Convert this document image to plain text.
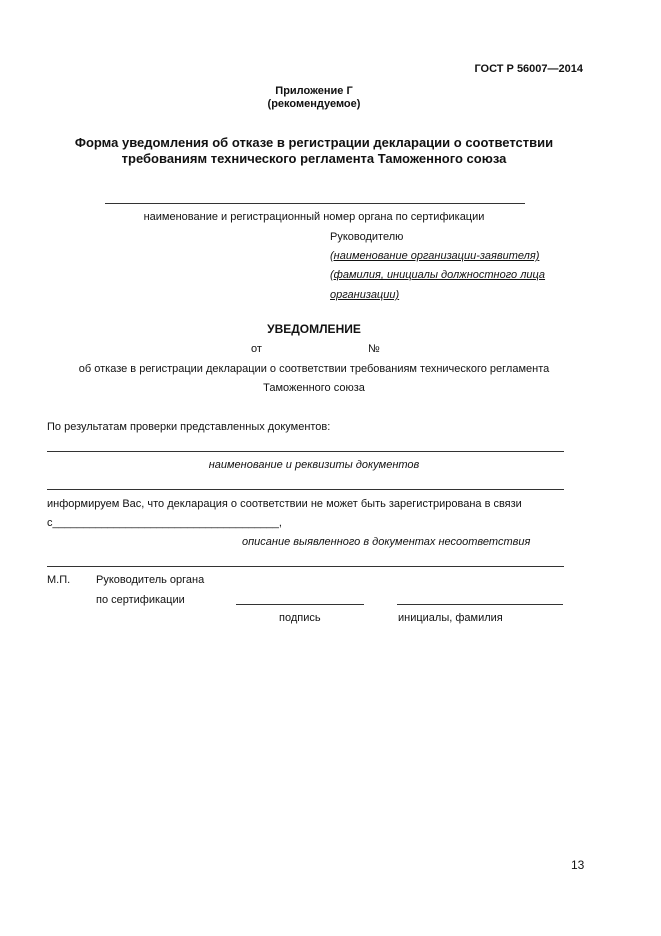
ГОСТ Р 56007—2014
Приложение Г
(рекомендуемое)
Форма уведомления об отказе в регистрации декларации о соответствии
требованиям технического регламента Таможенного союза
наименование и регистрационный номер органа по сертификации
Руководителю
(наименование организации-заявителя)
(фамилия, инициалы должностного лица
организации)
УВЕДОМЛЕНИЕ
от	№
об отказе в регистрации декларации о соответствии требованиям технического регламента
Таможенного союза
По результатам проверки представленных документов:
наименование и реквизиты документов
информируем Вас, что декларация о соответствии не может быть зарегистрирована в связи
с_____________________________________,
описание выявленного в документах несоответствия
М.П. Руководитель органа
по сертификации
подпись	инициалы, фамилия
13
